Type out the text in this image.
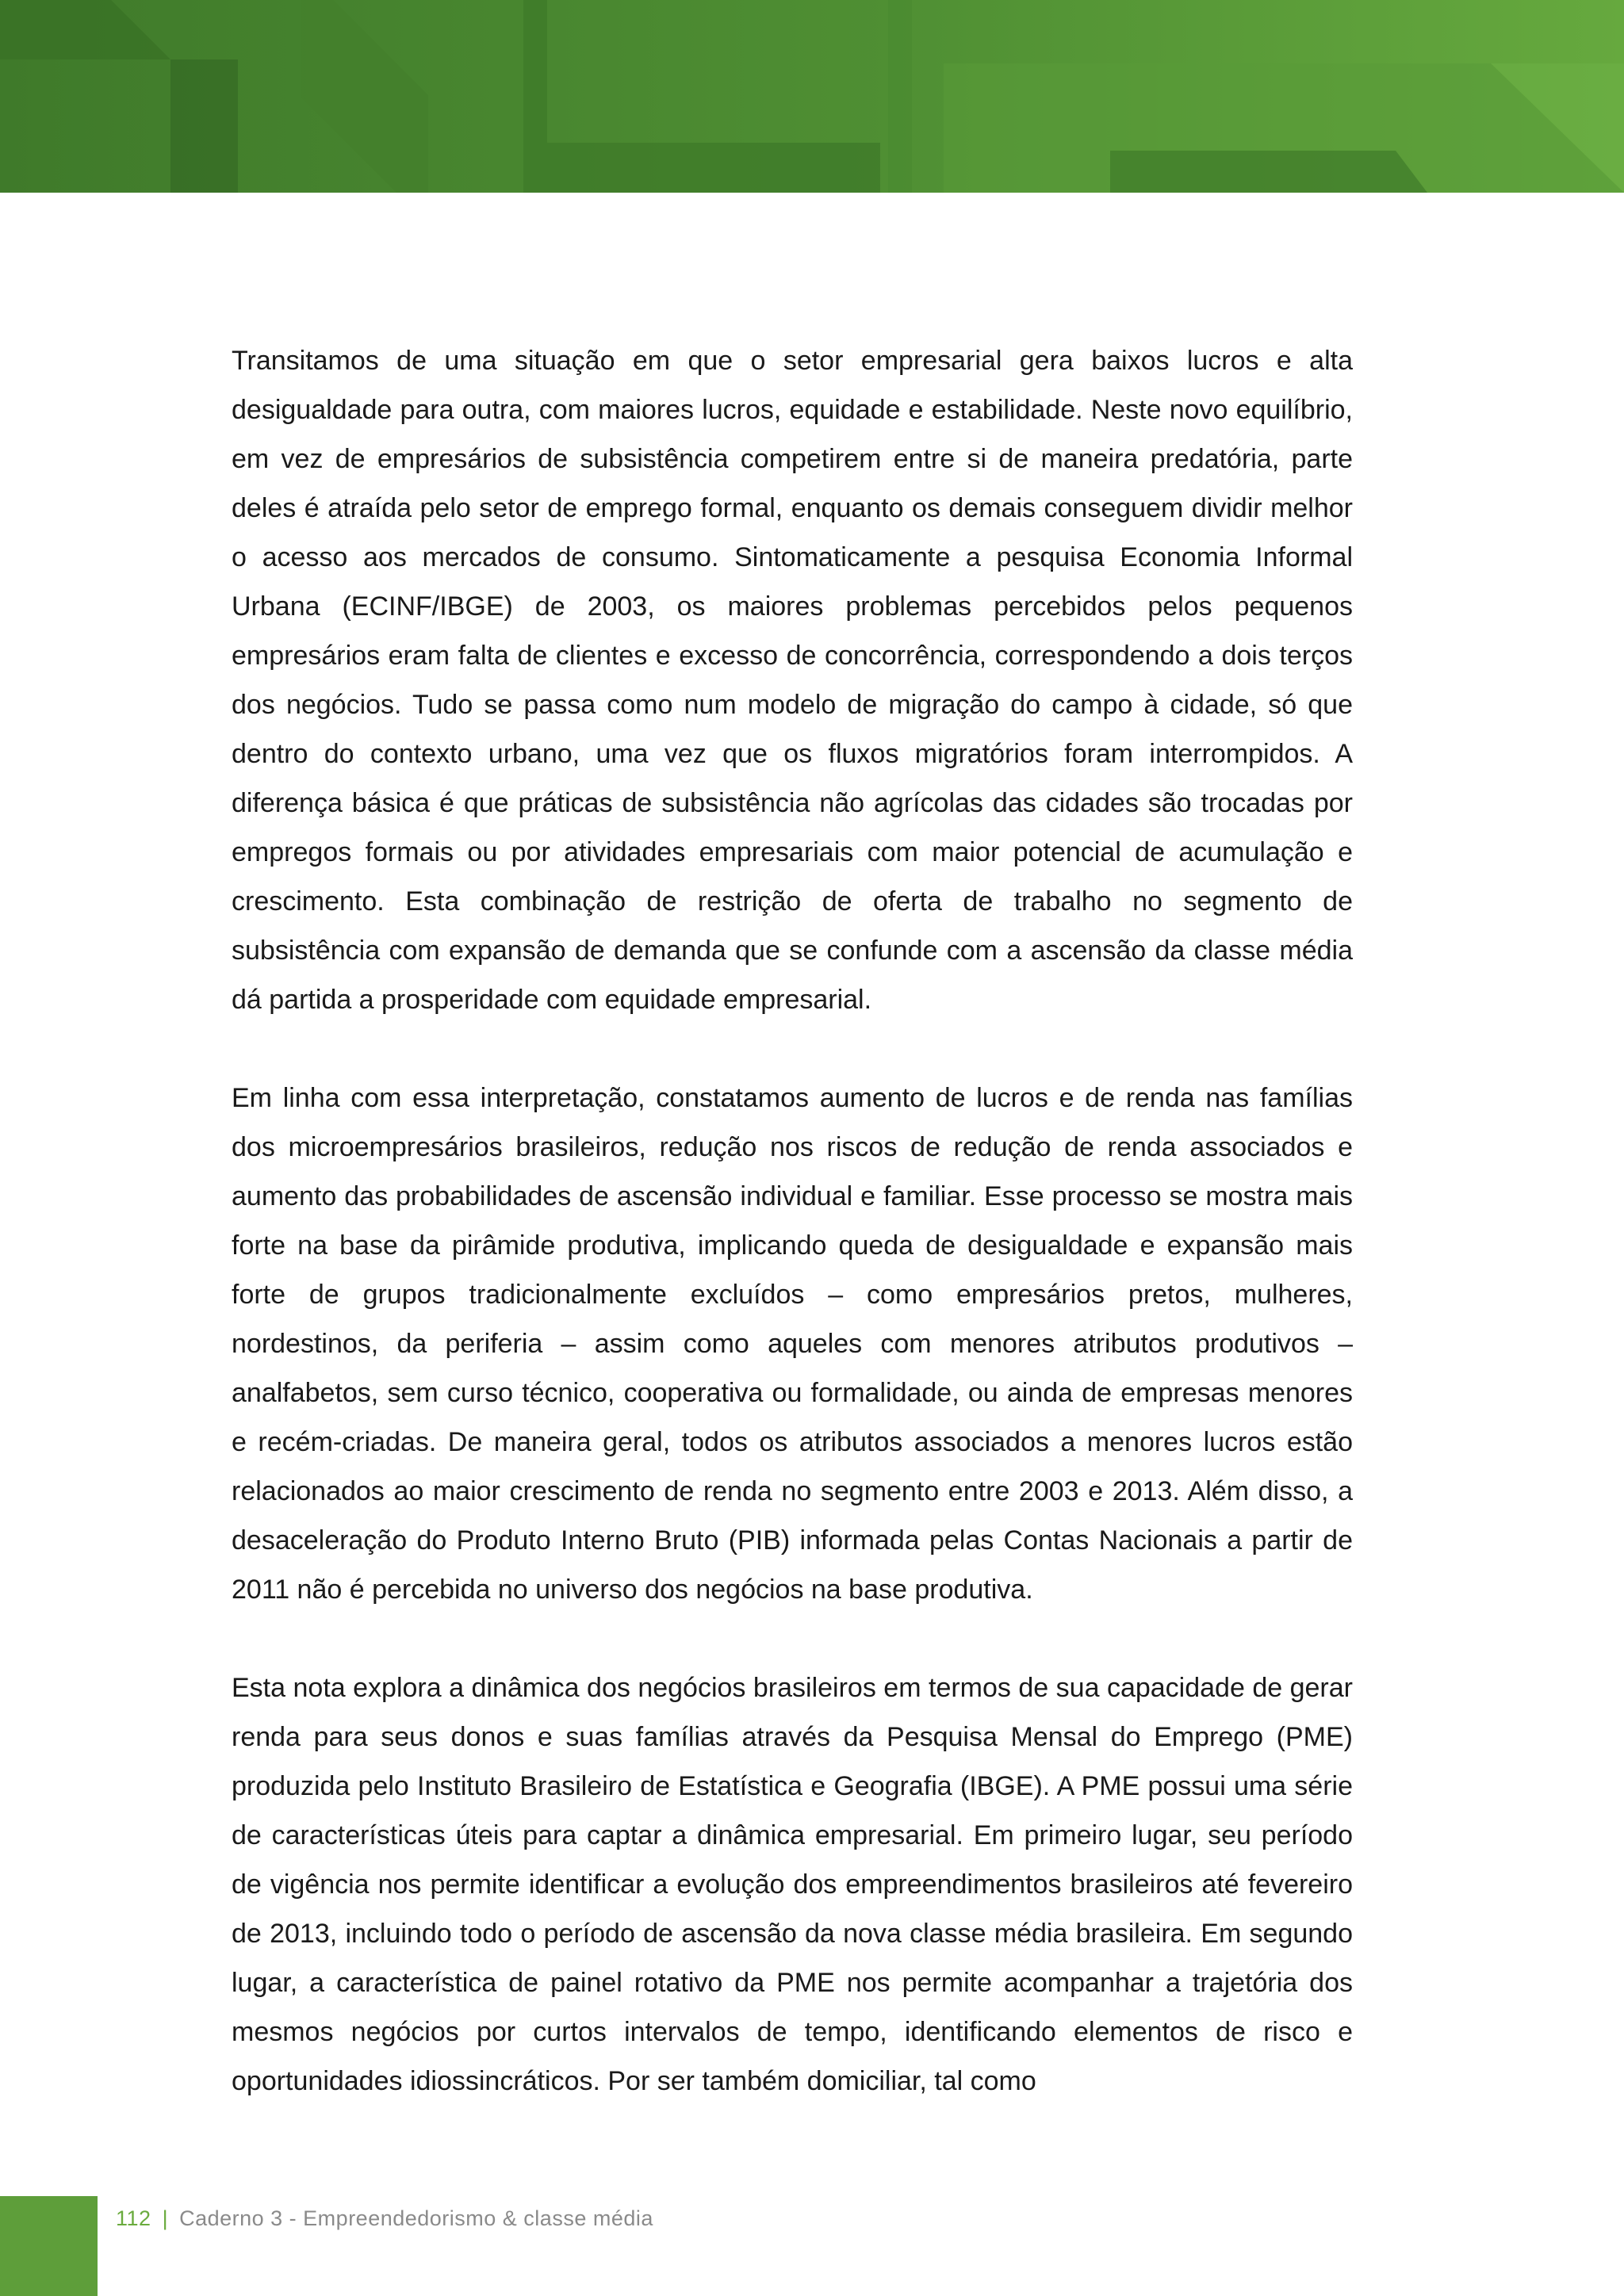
Transitamos de uma situação em que o setor empresarial gera baixos lucros e alta desigualdade para outra, com maiores lucros, equidade e estabilidade. Neste novo equilíbrio, em vez de empresários de subsistência competirem entre si de maneira predatória, parte deles é atraída pelo setor de emprego formal, enquanto os demais conseguem dividir melhor o acesso aos mercados de consumo. Sintomaticamente a pesquisa Economia Informal Urbana (ECINF/IBGE) de 2003, os maiores problemas percebidos pelos pequenos empresários eram falta de clientes e excesso de concorrência, correspondendo a dois terços dos negócios. Tudo se passa como num modelo de migração do campo à cidade, só que dentro do contexto urbano, uma vez que os fluxos migratórios foram interrompidos. A diferença básica é que práticas de subsistência não agrícolas das cidades são trocadas por empregos formais ou por atividades empresariais com maior potencial de acumulação e crescimento. Esta combinação de restrição de oferta de trabalho no segmento de subsistência com expansão de demanda que se confunde com a ascensão da classe média dá partida a prosperidade com equidade empresarial.

Em linha com essa interpretação, constatamos aumento de lucros e de renda nas famílias dos microempresários brasileiros, redução nos riscos de redução de renda associados e aumento das probabilidades de ascensão individual e familiar. Esse processo se mostra mais forte na base da pirâmide produtiva, implicando queda de desigualdade e expansão mais forte de grupos tradicionalmente excluídos – como empresários pretos, mulheres, nordestinos, da periferia – assim como aqueles com menores atributos produtivos – analfabetos, sem curso técnico, cooperativa ou formalidade, ou ainda de empresas menores e recém-criadas. De maneira geral, todos os atributos associados a menores lucros estão relacionados ao maior crescimento de renda no segmento entre 2003 e 2013. Além disso, a desaceleração do Produto Interno Bruto (PIB) informada pelas Contas Nacionais a partir de 2011 não é percebida no universo dos negócios na base produtiva.

Esta nota explora a dinâmica dos negócios brasileiros em termos de sua capacidade de gerar renda para seus donos e suas famílias através da Pesquisa Mensal do Emprego (PME) produzida pelo Instituto Brasileiro de Estatística e Geografia (IBGE). A PME possui uma série de características úteis para captar a dinâmica empresarial. Em primeiro lugar, seu período de vigência nos permite identificar a evolução dos empreendimentos brasileiros até fevereiro de 2013, incluindo todo o período de ascensão da nova classe média brasileira. Em segundo lugar, a característica de painel rotativo da PME nos permite acompanhar a trajetória dos mesmos negócios por curtos intervalos de tempo, identificando elementos de risco e oportunidades idiossincráticos. Por ser também domiciliar, tal como

112 | Caderno 3 - Empreendedorismo & classe média
